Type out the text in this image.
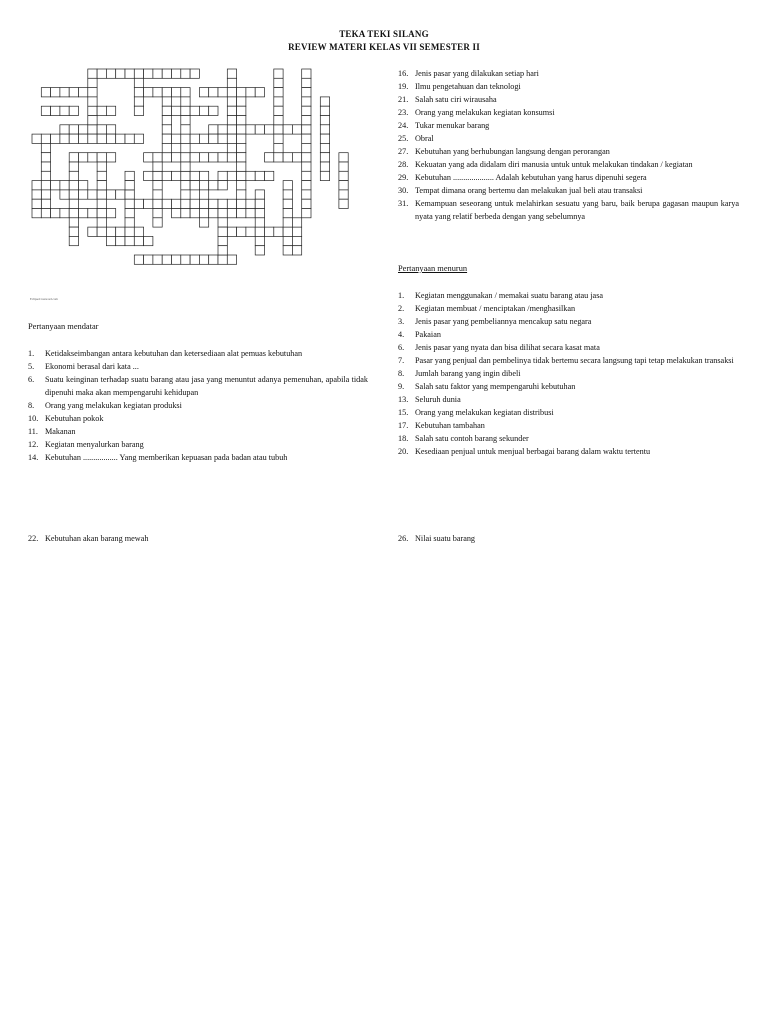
TEKA TEKI SILANG
REVIEW MATERI KELAS VII SEMESTER II
EclipseCrossword.com
Pertanyaan mendatar
1. Ketidakseimbangan antara kebutuhan dan ketersediaan alat pemuas kebutuhan
5. Ekonomi berasal dari kata ...
6. Suatu keinginan terhadap suatu barang atau jasa yang menuntut adanya pemenuhan, apabila tidak dipenuhi maka akan mempengaruhi kehidupan
8. Orang yang melakukan kegiatan produksi
10. Kebutuhan pokok
11. Makanan
12. Kegiatan menyalurkan barang
14. Kebutuhan ................. Yang memberikan kepuasan pada badan atau tubuh
16. Jenis pasar yang dilakukan setiap hari
19. Ilmu pengetahuan dan teknologi
21. Salah satu ciri wirausaha
23. Orang yang melakukan kegiatan konsumsi
24. Tukar menukar barang
25. Obral
27. Kebutuhan yang berhubungan langsung dengan perorangan
28. Kekuatan yang ada didalam diri manusia untuk untuk melakukan tindakan / kegiatan
29. Kebutuhan .................... Adalah kebutuhan yang harus dipenuhi segera
30. Tempat dimana orang bertemu dan melakukan jual beli atau transaksi
31. Kemampuan seseorang untuk melahirkan sesuatu yang baru, baik berupa gagasan maupun karya nyata yang relatif berbeda dengan yang sebelumnya
Pertanyaan menurun
1. Kegiatan menggunakan / memakai suatu barang atau jasa
2. Kegiatan membuat / menciptakan /menghasilkan
3. Jenis pasar yang pembeliannya mencakup satu negara
4. Pakaian
6. Jenis pasar yang nyata dan bisa dilihat secara kasat mata
7. Pasar yang penjual dan pembelinya tidak bertemu secara langsung tapi tetap melakukan transaksi
8. Jumlah barang yang ingin dibeli
9. Salah satu faktor yang mempengaruhi kebutuhan
13. Seluruh dunia
15. Orang yang melakukan kegiatan distribusi
17. Kebutuhan tambahan
18. Salah satu contoh barang sekunder
20. Kesediaan penjual untuk menjual berbagai barang dalam waktu tertentu
22. Kebutuhan akan barang mewah	26. Nilai suatu barang
